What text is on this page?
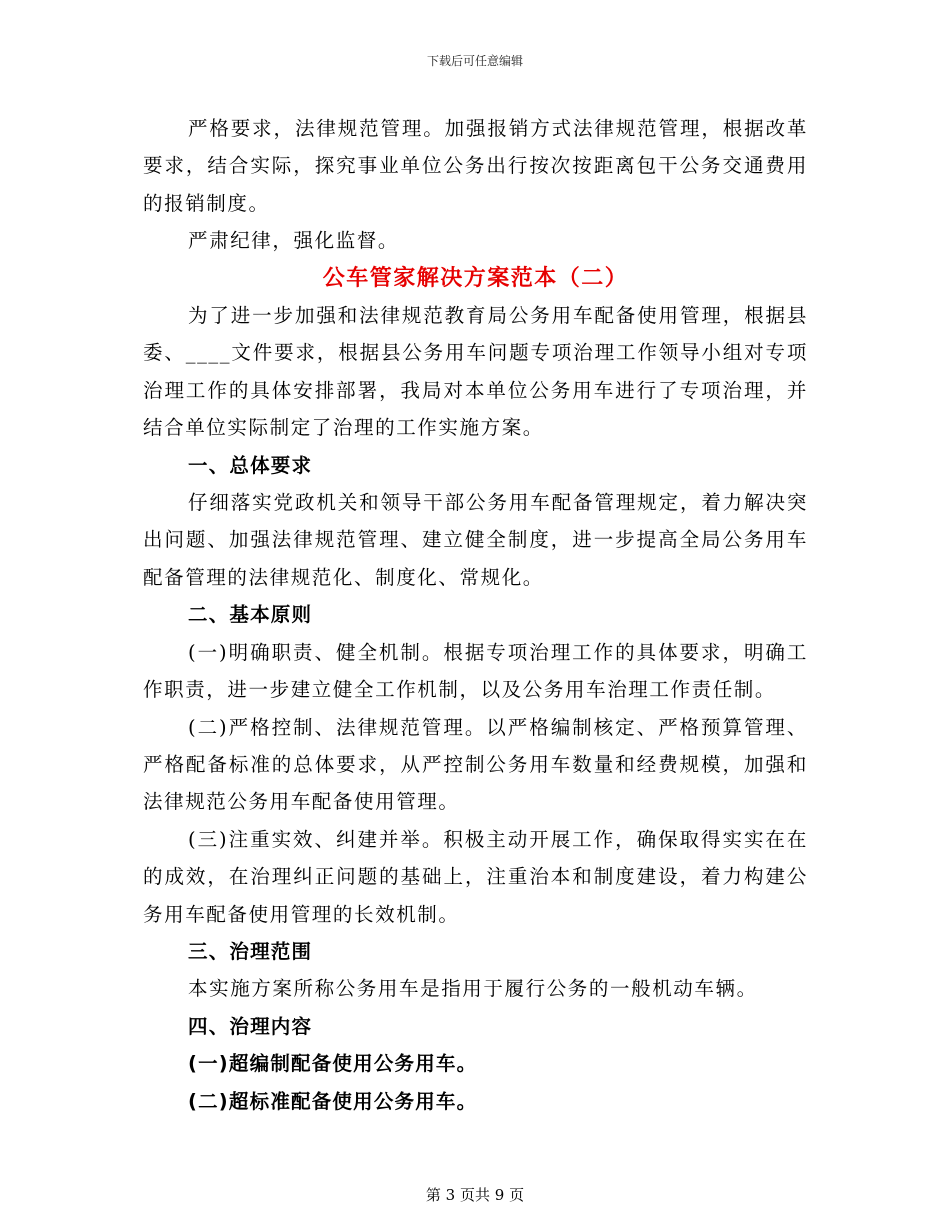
下载后可任意编辑

严格要求，法律规范管理。加强报销方式法律规范管理，根据改革要求，结合实际，探究事业单位公务出行按次按距离包干公务交通费用的报销制度。

严肃纪律，强化监督。

公车管家解决方案范本（二）

为了进一步加强和法律规范教育局公务用车配备使用管理，根据县委、____文件要求，根据县公务用车问题专项治理工作领导小组对专项治理工作的具体安排部署，我局对本单位公务用车进行了专项治理，并结合单位实际制定了治理的工作实施方案。

一、总体要求

仔细落实党政机关和领导干部公务用车配备管理规定，着力解决突出问题、加强法律规范管理、建立健全制度，进一步提高全局公务用车配备管理的法律规范化、制度化、常规化。

二、基本原则

(一)明确职责、健全机制。根据专项治理工作的具体要求，明确工作职责，进一步建立健全工作机制，以及公务用车治理工作责任制。

(二)严格控制、法律规范管理。以严格编制核定、严格预算管理、严格配备标准的总体要求，从严控制公务用车数量和经费规模，加强和法律规范公务用车配备使用管理。

(三)注重实效、纠建并举。积极主动开展工作，确保取得实实在在的成效，在治理纠正问题的基础上，注重治本和制度建设，着力构建公务用车配备使用管理的长效机制。

三、治理范围

本实施方案所称公务用车是指用于履行公务的一般机动车辆。

四、治理内容

(一)超编制配备使用公务用车。

(二)超标准配备使用公务用车。

第 3 页共 9 页
